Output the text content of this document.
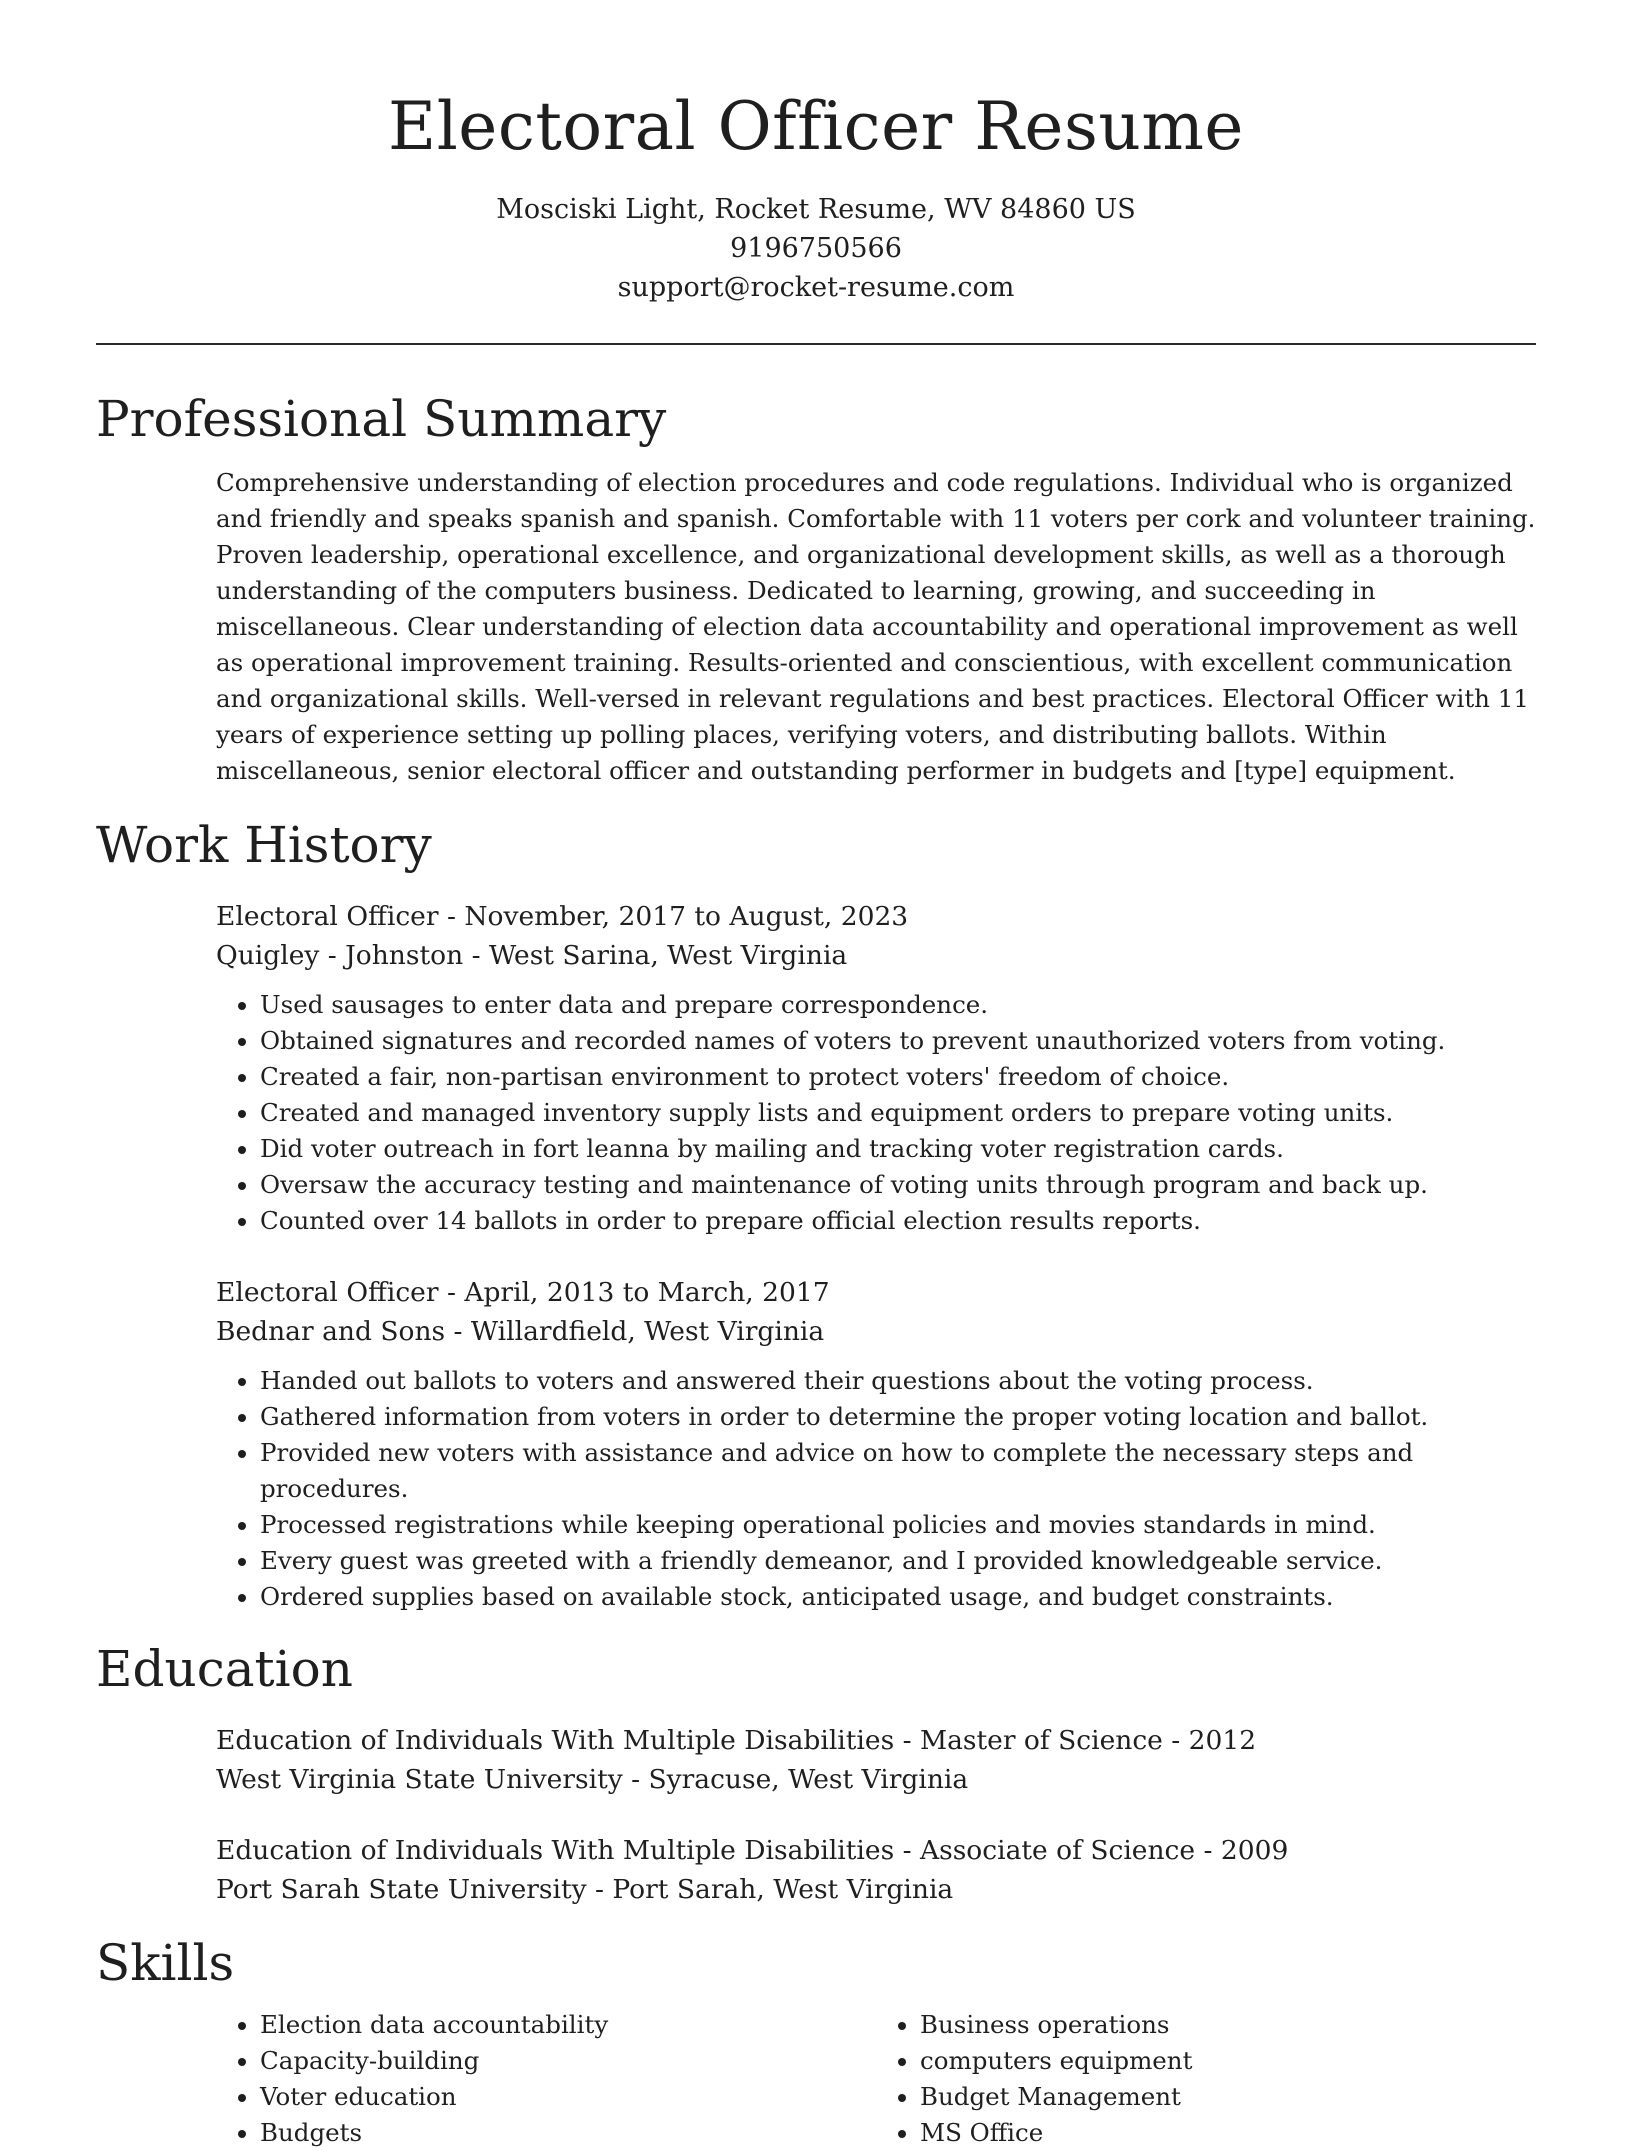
Electoral Officer Resume
Mosciski Light, Rocket Resume, WV 84860 US
9196750566
support@rocket-resume.com
Professional Summary
Comprehensive understanding of election procedures and code regulations. Individual who is organized and friendly and speaks spanish and spanish. Comfortable with 11 voters per cork and volunteer training. Proven leadership, operational excellence, and organizational development skills, as well as a thorough understanding of the computers business. Dedicated to learning, growing, and succeeding in miscellaneous. Clear understanding of election data accountability and operational improvement as well as operational improvement training. Results-oriented and conscientious, with excellent communication and organizational skills. Well-versed in relevant regulations and best practices. Electoral Officer with 11 years of experience setting up polling places, verifying voters, and distributing ballots. Within miscellaneous, senior electoral officer and outstanding performer in budgets and [type] equipment.
Work History
Electoral Officer - November, 2017 to August, 2023
Quigley - Johnston - West Sarina, West Virginia
• Used sausages to enter data and prepare correspondence.
• Obtained signatures and recorded names of voters to prevent unauthorized voters from voting.
• Created a fair, non-partisan environment to protect voters' freedom of choice.
• Created and managed inventory supply lists and equipment orders to prepare voting units.
• Did voter outreach in fort leanna by mailing and tracking voter registration cards.
• Oversaw the accuracy testing and maintenance of voting units through program and back up.
• Counted over 14 ballots in order to prepare official election results reports.
Electoral Officer - April, 2013 to March, 2017
Bednar and Sons - Willardfield, West Virginia
• Handed out ballots to voters and answered their questions about the voting process.
• Gathered information from voters in order to determine the proper voting location and ballot.
• Provided new voters with assistance and advice on how to complete the necessary steps and procedures.
• Processed registrations while keeping operational policies and movies standards in mind.
• Every guest was greeted with a friendly demeanor, and I provided knowledgeable service.
• Ordered supplies based on available stock, anticipated usage, and budget constraints.
Education
Education of Individuals With Multiple Disabilities - Master of Science - 2012
West Virginia State University - Syracuse, West Virginia
Education of Individuals With Multiple Disabilities - Associate of Science - 2009
Port Sarah State University - Port Sarah, West Virginia
Skills
• Election data accountability
• Capacity-building
• Voter education
• Budgets
• Business operations
• computers equipment
• Budget Management
• MS Office
